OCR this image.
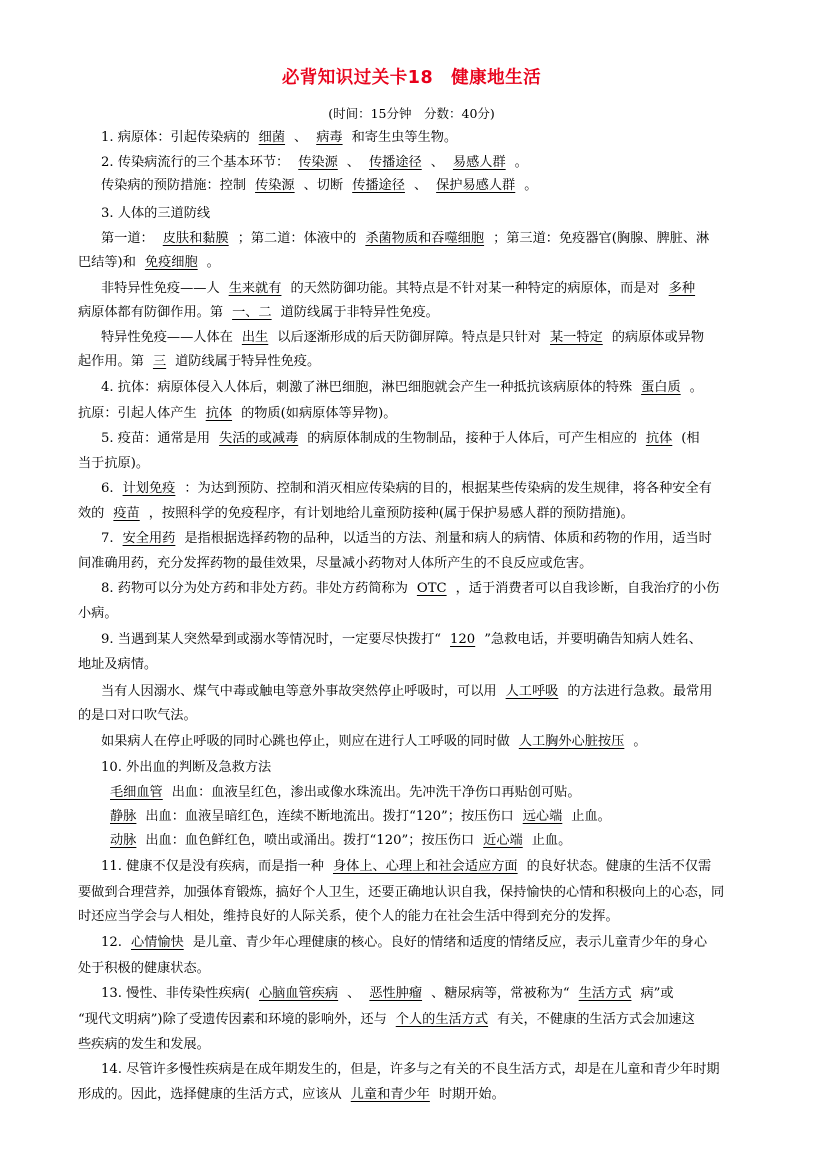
必背知识过关卡18　健康地生活
(时间：15分钟　分数：40分)
1. 病原体：引起传染病的 细菌 、 病毒 和寄生虫等生物。
2. 传染病流行的三个基本环节： 传染源 、 传播途径 、 易感人群 。
传染病的预防措施：控制 传染源 、切断 传播途径 、 保护易感人群 。
3. 人体的三道防线
第一道： 皮肤和黏膜 ；第二道：体液中的 杀菌物质和吞噬细胞 ；第三道：免疫器官(胸腺、脾脏、淋
巴结等)和 免疫细胞 。
非特异性免疫——人 生来就有 的天然防御功能。其特点是不针对某一种特定的病原体，而是对 多种
病原体都有防御作用。第 一、二 道防线属于非特异性免疫。
特异性免疫——人体在 出生 以后逐渐形成的后天防御屏障。特点是只针对 某一特定 的病原体或异物
起作用。第 三 道防线属于特异性免疫。
4. 抗体：病原体侵入人体后，刺激了淋巴细胞，淋巴细胞就会产生一种抵抗该病原体的特殊 蛋白质 。
抗原：引起人体产生 抗体 的物质(如病原体等异物)。
5. 疫苗：通常是用 失活的或减毒 的病原体制成的生物制品，接种于人体后，可产生相应的 抗体 (相
当于抗原)。
6. 计划免疫 ：为达到预防、控制和消灭相应传染病的目的，根据某些传染病的发生规律，将各种安全有
效的 疫苗 ，按照科学的免疫程序，有计划地给儿童预防接种(属于保护易感人群的预防措施)。
7. 安全用药 是指根据选择药物的品种，以适当的方法、剂量和病人的病情、体质和药物的作用，适当时
间准确用药，充分发挥药物的最佳效果，尽量减小药物对人体所产生的不良反应或危害。
8. 药物可以分为处方药和非处方药。非处方药简称为 OTC ，适于消费者可以自我诊断，自我治疗的小伤
小病。
9. 当遇到某人突然晕到或溺水等情况时，一定要尽快拨打“ 120 ”急救电话，并要明确告知病人姓名、
地址及病情。
当有人因溺水、煤气中毒或触电等意外事故突然停止呼吸时，可以用 人工呼吸 的方法进行急救。最常用
的是口对口吹气法。
如果病人在停止呼吸的同时心跳也停止，则应在进行人工呼吸的同时做 人工胸外心脏按压 。
10. 外出血的判断及急救方法
毛细血管 出血：血液呈红色，渗出或像水珠流出。先冲洗干净伤口再贴创可贴。
静脉 出血：血液呈暗红色，连续不断地流出。拨打“120”；按压伤口 远心端 止血。
动脉 出血：血色鲜红色，喷出或涌出。拨打“120”；按压伤口 近心端 止血。
11. 健康不仅是没有疾病，而是指一种 身体上、心理上和社会适应方面 的良好状态。健康的生活不仅需
要做到合理营养，加强体育锻炼，搞好个人卫生，还要正确地认识自我，保持愉快的心情和积极向上的心态，同
时还应当学会与人相处，维持良好的人际关系，使个人的能力在社会生活中得到充分的发挥。
12. 心情愉快 是儿童、青少年心理健康的核心。良好的情绪和适度的情绪反应，表示儿童青少年的身心
处于积极的健康状态。
13. 慢性、非传染性疾病( 心脑血管疾病 、 恶性肿瘤 、糖尿病等，常被称为“ 生活方式 病”或
“现代文明病”)除了受遗传因素和环境的影响外，还与 个人的生活方式 有关，不健康的生活方式会加速这
些疾病的发生和发展。
14. 尽管许多慢性疾病是在成年期发生的，但是，许多与之有关的不良生活方式，却是在儿童和青少年时期
形成的。因此，选择健康的生活方式，应该从 儿童和青少年 时期开始。
